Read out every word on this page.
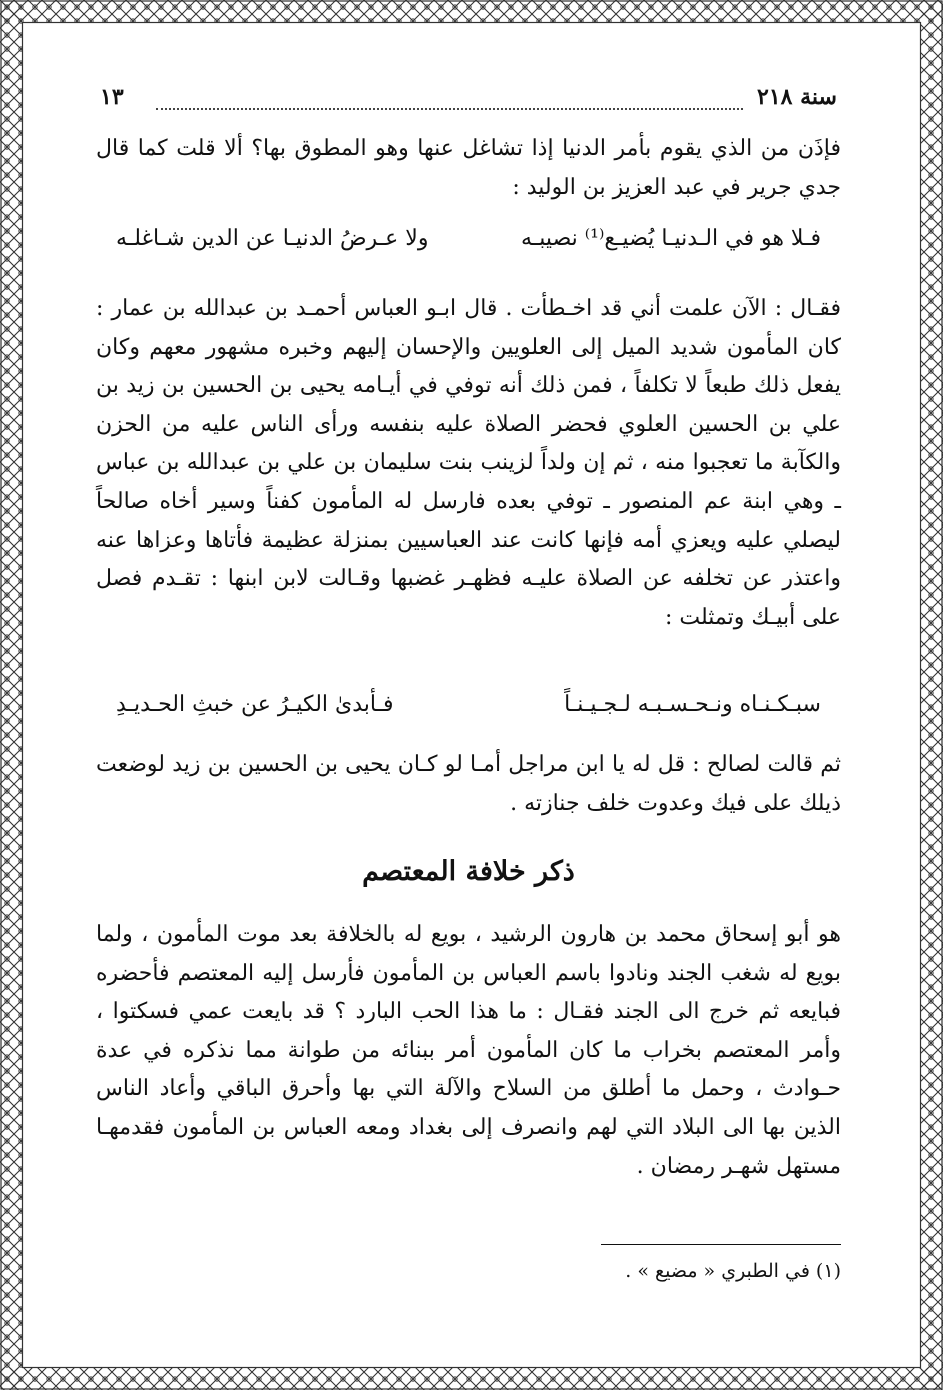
سنة ٢١٨
١٣

فإذَن من الذي يقوم بأمر الدنيا إذا تشاغل عنها وهو المطوق بها؟ ألا قلت كما قال جدي جرير في عبد العزيز بن الوليد :

فـلا هو في الـدنيـا يُضيـع⁽¹⁾ نصيبـه
ولا عـرضُ الدنيـا عن الدين شـاغلـه

فقـال : الآن علمت أني قد اخـطأت . قال ابـو العباس أحمـد بن عبدالله بن عمار : كان المأمون شديد الميل إلى العلويين والإحسان إليهم وخبره مشهور معهم وكان يفعل ذلك طبعاً لا تكلفاً ، فمن ذلك أنه توفي في أيـامه يحيى بن الحسين بن زيد بن علي بن الحسين العلوي فحضر الصلاة عليه بنفسه ورأى الناس عليه من الحزن والكآبة ما تعجبوا منه ، ثم إن ولداً لزينب بنت سليمان بن علي بن عبدالله بن عباس ـ وهي ابنة عم المنصور ـ توفي بعده فارسل له المأمون كفناً وسير أخاه صالحاً ليصلي عليه ويعزي أمه فإنها كانت عند العباسيين بمنزلة عظيمة فأتاها وعزاها عنه واعتذر عن تخلفه عن الصلاة عليـه فظهـر غضبها وقـالت لابن ابنها : تقـدم فصل على أبيـك وتمثلت :

سبـكـنـاه ونـحـسـبـه لـجـيـنـاً
فـأبدىٰ الكيـرُ عن خبثِ الحـديـدِ

ثم قالت لصالح : قل له يا ابن مراجل أمـا لو كـان يحيى بن الحسين بن زيد لوضعت ذيلك على فيك وعدوت خلف جنازته .

ذكر خلافة المعتصم

هو أبو إسحاق محمد بن هارون الرشيد ، بويع له بالخلافة بعد موت المأمون ، ولما بويع له شغب الجند ونادوا باسم العباس بن المأمون فأرسل إليه المعتصم فأحضره فبايعه ثم خرج الى الجند فقـال : ما هذا الحب البارد ؟ قد بايعت عمي فسكتوا ، وأمر المعتصم بخراب ما كان المأمون أمر ببنائه من طوانة مما نذكره في عدة حـوادث ، وحمل ما أطلق من السلاح والآلة التي بها وأحرق الباقي وأعاد الناس الذين بها الى البلاد التي لهم وانصرف إلى بغداد ومعه العباس بن المأمون فقدمهـا مستهل شهـر رمضان .

(١) في الطبري « مضيع » .
